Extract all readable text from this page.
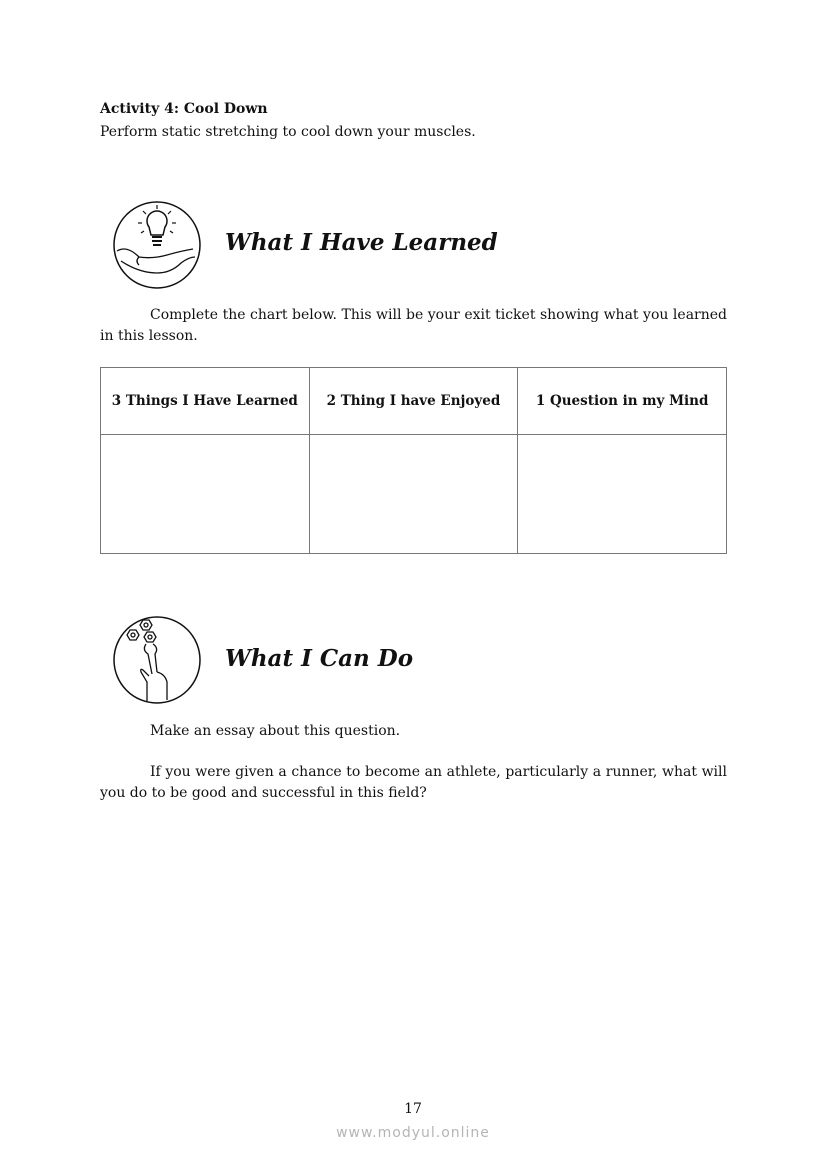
Activity 4: Cool Down
Perform static stretching to cool down your muscles.
What I Have Learned
Complete the chart below. This will be your exit ticket showing what you learned in this lesson.
3 Things I Have Learned	2 Thing I have Enjoyed	1 Question in my Mind

What I Can Do
Make an essay about this question.
If you were given a chance to become an athlete, particularly a runner, what will you do to be good and successful in this field?
17
www.modyul.online
